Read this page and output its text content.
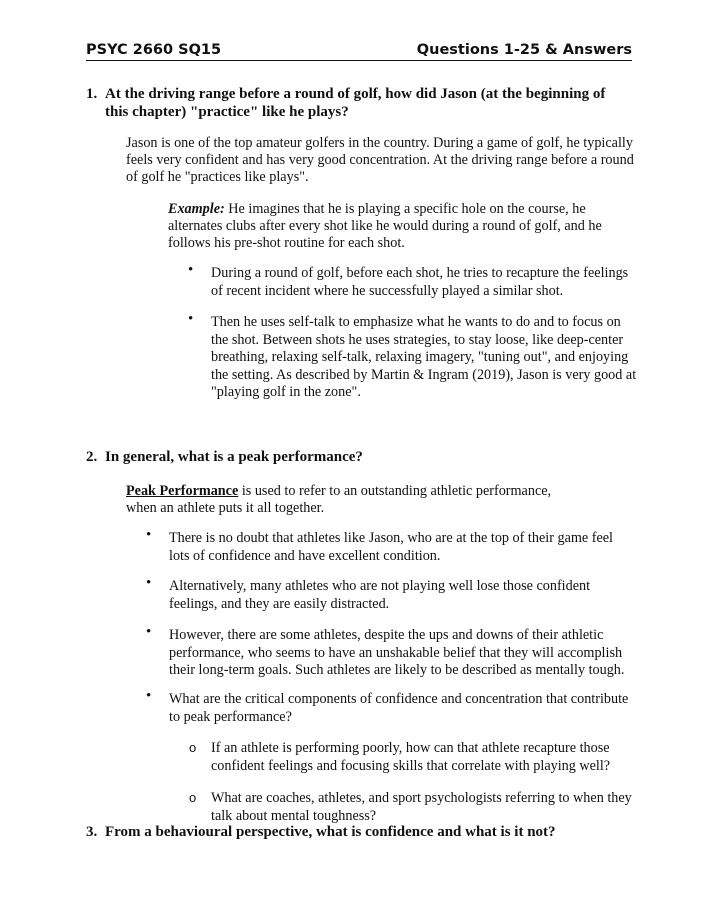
PSYC 2660 SQ15	Questions 1-25 & Answers
1. At the driving range before a round of golf, how did Jason (at the beginning of this chapter) "practice" like he plays?
Jason is one of the top amateur golfers in the country. During a game of golf, he typically feels very confident and has very good concentration. At the driving range before a round of golf he "practices like plays".
Example: He imagines that he is playing a specific hole on the course, he alternates clubs after every shot like he would during a round of golf, and he follows his pre-shot routine for each shot.
• During a round of golf, before each shot, he tries to recapture the feelings of recent incident where he successfully played a similar shot.
• Then he uses self-talk to emphasize what he wants to do and to focus on the shot. Between shots he uses strategies, to stay loose, like deep-center breathing, relaxing self-talk, relaxing imagery, "tuning out", and enjoying the setting. As described by Martin & Ingram (2019), Jason is very good at "playing golf in the zone".
2. In general, what is a peak performance?
Peak Performance is used to refer to an outstanding athletic performance,
when an athlete puts it all together.
• There is no doubt that athletes like Jason, who are at the top of their game feel lots of confidence and have excellent condition.
• Alternatively, many athletes who are not playing well lose those confident feelings, and they are easily distracted.
• However, there are some athletes, despite the ups and downs of their athletic performance, who seems to have an unshakable belief that they will accomplish their long-term goals. Such athletes are likely to be described as mentally tough.
• What are the critical components of confidence and concentration that contribute to peak performance?
o If an athlete is performing poorly, how can that athlete recapture those confident feelings and focusing skills that correlate with playing well?
o What are coaches, athletes, and sport psychologists referring to when they talk about mental toughness?
3. From a behavioural perspective, what is confidence and what is it not?
